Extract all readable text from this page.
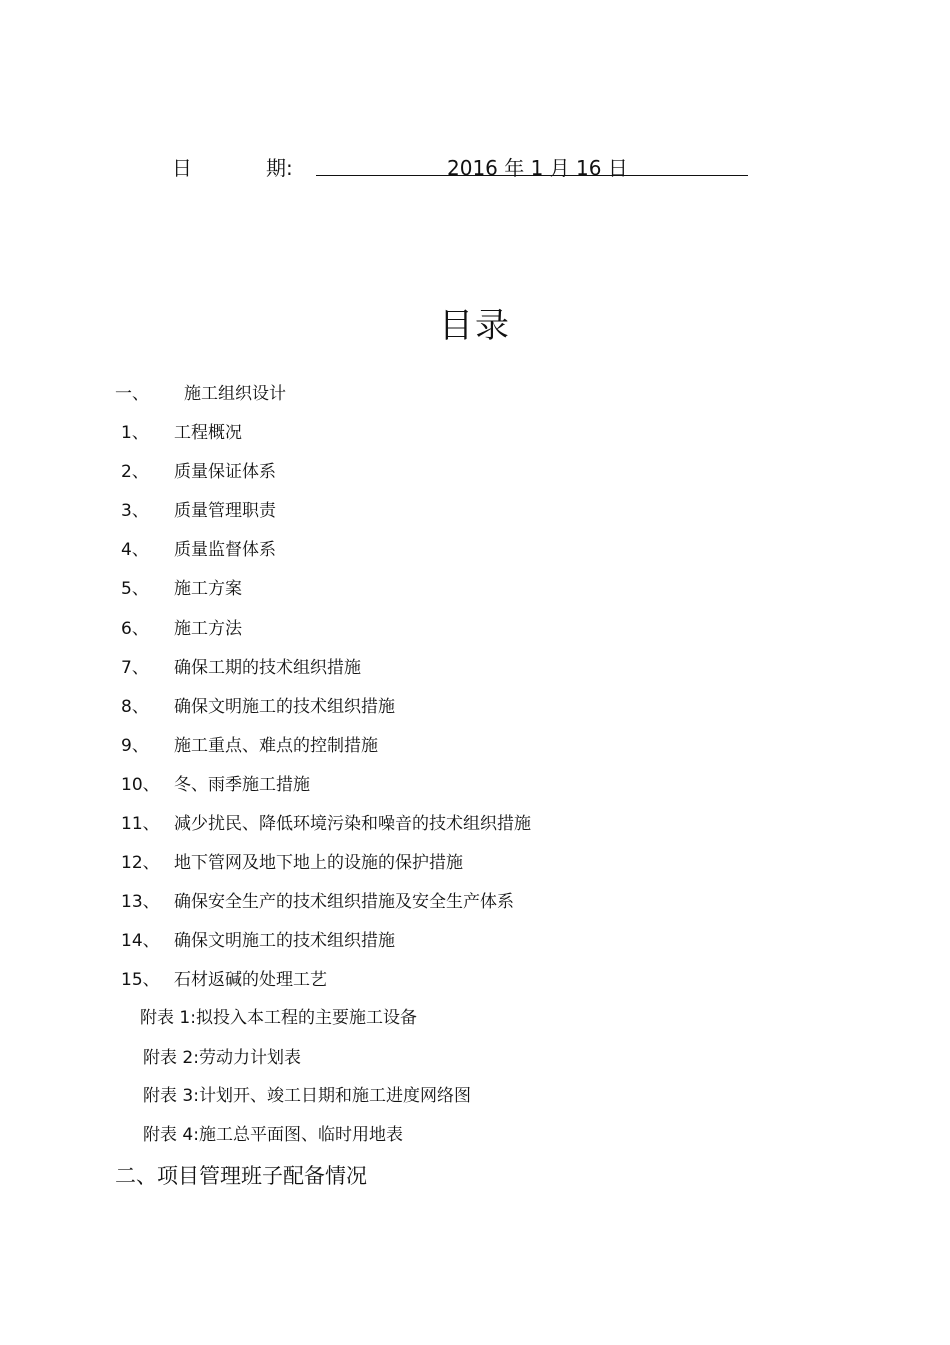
日	期:	2016 年 1 月 16 日
目录
一、 施工组织设计
1、 工程概况
2、 质量保证体系
3、 质量管理职责
4、 质量监督体系
5、 施工方案
6、 施工方法
7、 确保工期的技术组织措施
8、 确保文明施工的技术组织措施
9、 施工重点、难点的控制措施
10、 冬、雨季施工措施
11、 减少扰民、降低环境污染和噪音的技术组织措施
12、 地下管网及地下地上的设施的保护措施
13、 确保安全生产的技术组织措施及安全生产体系
14、 确保文明施工的技术组织措施
15、 石材返碱的处理工艺
附表 1:拟投入本工程的主要施工设备
附表 2:劳动力计划表
附表 3:计划开、竣工日期和施工进度网络图
附表 4:施工总平面图、临时用地表
二、项目管理班子配备情况
